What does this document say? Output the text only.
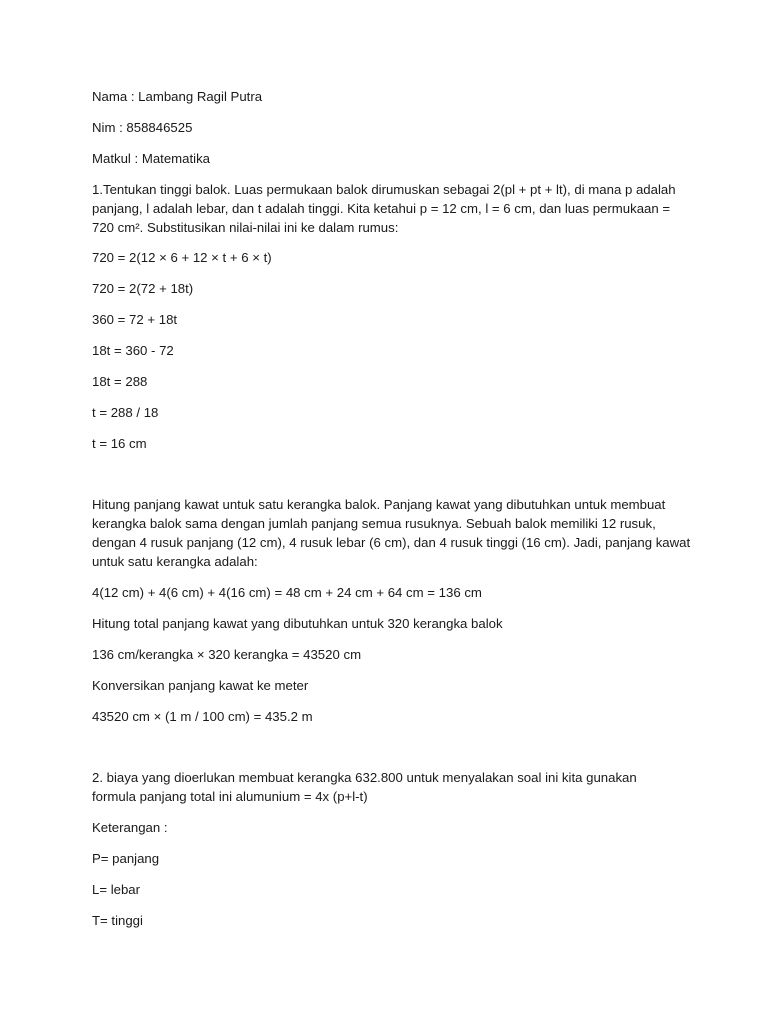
Nama : Lambang Ragil Putra
Nim : 858846525
Matkul : Matematika
1.Tentukan tinggi balok. Luas permukaan balok dirumuskan sebagai 2(pl + pt + lt), di mana p adalah
panjang, l adalah lebar, dan t adalah tinggi. Kita ketahui p = 12 cm, l = 6 cm, dan luas permukaan =
720 cm². Substitusikan nilai-nilai ini ke dalam rumus:
720 = 2(12 × 6 + 12 × t + 6 × t)
720 = 2(72 + 18t)
360 = 72 + 18t
18t = 360 - 72
18t = 288
t = 288 / 18
t = 16 cm
Hitung panjang kawat untuk satu kerangka balok. Panjang kawat yang dibutuhkan untuk membuat
kerangka balok sama dengan jumlah panjang semua rusuknya. Sebuah balok memiliki 12 rusuk,
dengan 4 rusuk panjang (12 cm), 4 rusuk lebar (6 cm), dan 4 rusuk tinggi (16 cm). Jadi, panjang kawat
untuk satu kerangka adalah:
4(12 cm) + 4(6 cm) + 4(16 cm) = 48 cm + 24 cm + 64 cm = 136 cm
Hitung total panjang kawat yang dibutuhkan untuk 320 kerangka balok
136 cm/kerangka × 320 kerangka = 43520 cm
Konversikan panjang kawat ke meter
43520 cm × (1 m / 100 cm) = 435.2 m
2. biaya yang dioerlukan membuat kerangka 632.800 untuk menyalakan soal ini kita gunakan
formula panjang total ini alumunium = 4x (p+l-t)
Keterangan :
P= panjang
L= lebar
T= tinggi
